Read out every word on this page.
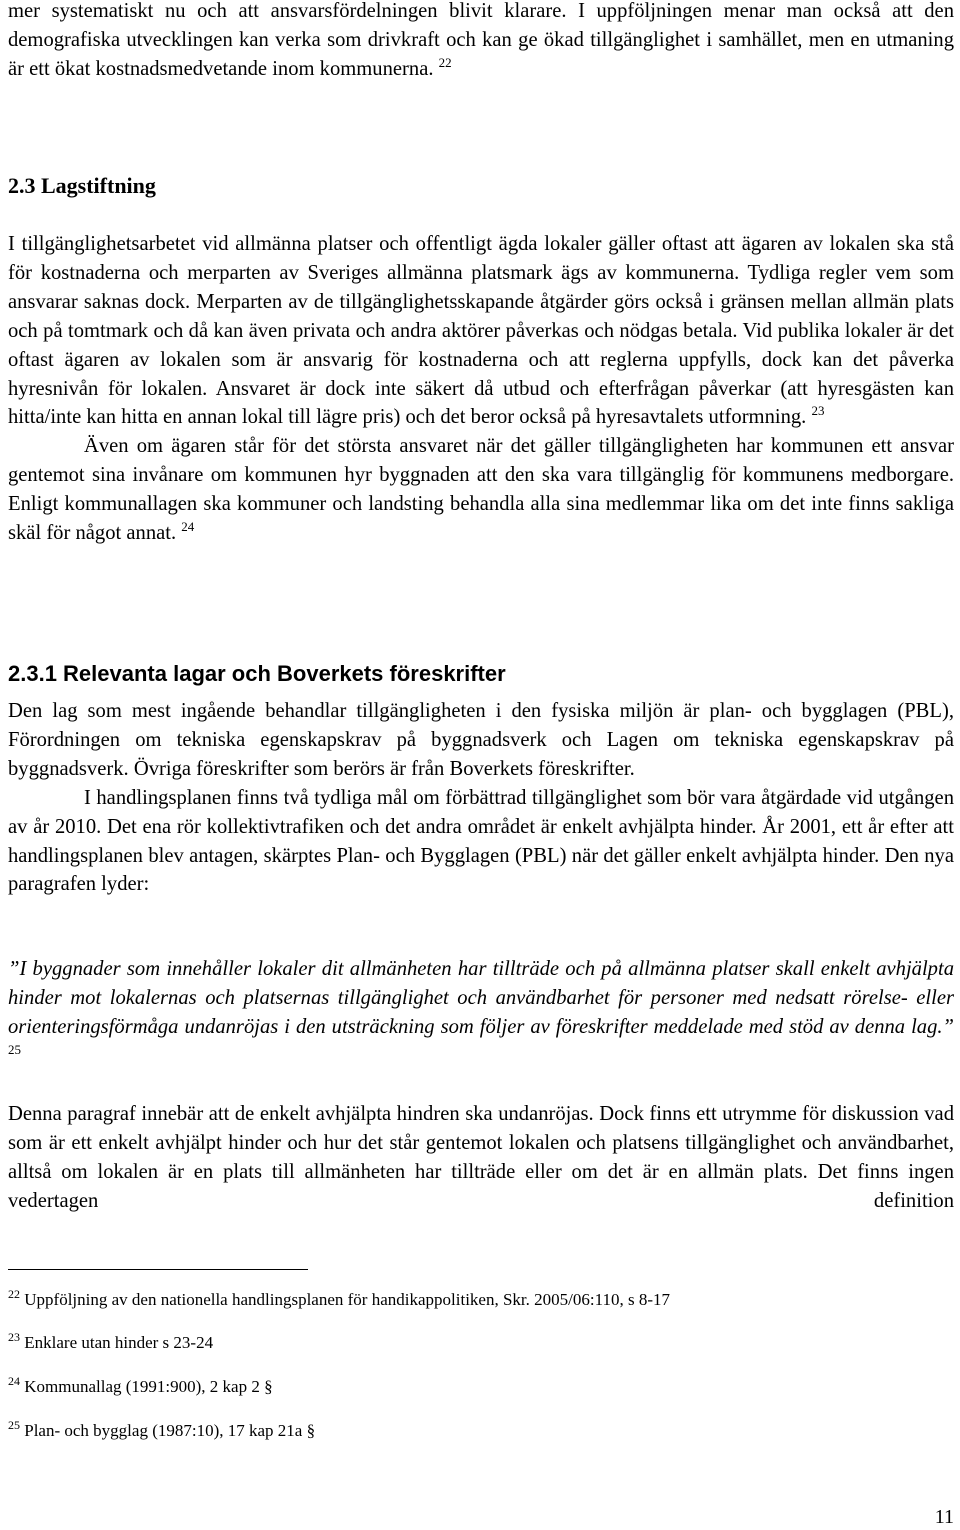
mer systematiskt nu och att ansvarsfördelningen blivit klarare. I uppföljningen menar man också att den demografiska utvecklingen kan verka som drivkraft och kan ge ökad tillgänglighet i samhället, men en utmaning är ett ökat kostnadsmedvetande inom kommunerna. $^{22}$

2.3 Lagstiftning

I tillgänglighetsarbetet vid allmänna platser och offentligt ägda lokaler gäller oftast att ägaren av lokalen ska stå för kostnaderna och merparten av Sveriges allmänna platsmark ägs av kommunerna. Tydliga regler vem som ansvarar saknas dock. Merparten av de tillgänglighetsskapande åtgärder görs också i gränsen mellan allmän plats och på tomtmark och då kan även privata och andra aktörer påverkas och nödgas betala. Vid publika lokaler är det oftast ägaren av lokalen som är ansvarig för kostnaderna och att reglerna uppfylls, dock kan det påverka hyresnivån för lokalen. Ansvaret är dock inte säkert då utbud och efterfrågan påverkar (att hyresgästen kan hitta/inte kan hitta en annan lokal till lägre pris) och det beror också på hyresavtalets utformning. $^{23}$

Även om ägaren står för det största ansvaret när det gäller tillgängligheten har kommunen ett ansvar gentemot sina invånare om kommunen hyr byggnaden att den ska vara tillgänglig för kommunens medborgare. Enligt kommunallagen ska kommuner och landsting behandla alla sina medlemmar lika om det inte finns sakliga skäl för något annat. $^{24}$

2.3.1 Relevanta lagar och Boverkets föreskrifter

Den lag som mest ingående behandlar tillgängligheten i den fysiska miljön är plan- och bygglagen (PBL), Förordningen om tekniska egenskapskrav på byggnadsverk och Lagen om tekniska egenskapskrav på byggnadsverk. Övriga föreskrifter som berörs är från Boverkets föreskrifter.

I handlingsplanen finns två tydliga mål om förbättrad tillgänglighet som bör vara åtgärdade vid utgången av år 2010. Det ena rör kollektivtrafiken och det andra området är enkelt avhjälpta hinder. År 2001, ett år efter att handlingsplanen blev antagen, skärptes Plan- och Bygglagen (PBL) när det gäller enkelt avhjälpta hinder. Den nya paragrafen lyder:

”I byggnader som innehåller lokaler dit allmänheten har tillträde och på allmänna platser skall enkelt avhjälpta hinder mot lokalernas och platsernas tillgänglighet och användbarhet för personer med nedsatt rörelse- eller orienteringsförmåga undanröjas i den utsträckning som följer av föreskrifter meddelade med stöd av denna lag.” $^{25}$

Denna paragraf innebär att de enkelt avhjälpta hindren ska undanröjas. Dock finns ett utrymme för diskussion vad som är ett enkelt avhjälpt hinder och hur det står gentemot lokalen och platsens tillgänglighet och användbarhet, alltså om lokalen är en plats till allmänheten har tillträde eller om det är en allmän plats. Det finns ingen vedertagen definition

$^{22}$ Uppföljning av den nationella handlingsplanen för handikappolitiken, Skr. 2005/06:110, s 8-17
$^{23}$ Enklare utan hinder s 23-24
$^{24}$ Kommunallag (1991:900), 2 kap 2 §
$^{25}$ Plan- och bygglag (1987:10), 17 kap 21a §
11
